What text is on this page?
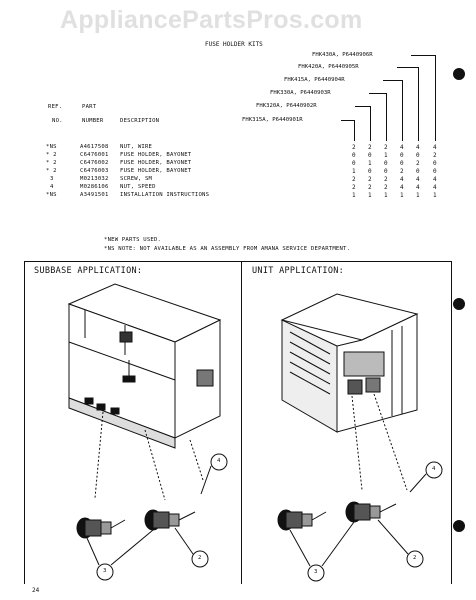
AppliancePartsPros.com
FUSE HOLDER KITS
FHK430A, P6440906R
FHK420A, P6440905R
FHK415A, P6440904R
FHK330A, P6440903R
FHK320A, P6440902R
FHK315A, P6440901R
REF.
NO.
PART
NUMBER	DESCRIPTION
*NS	A4617508 NUT, WIRE	2 2 2 4 4 4
* 2	C6476001 FUSE HOLDER, BAYONET	0 0 1 0 0 2
* 2	C6476002 FUSE HOLDER, BAYONET	0 1 0 0 2 0
* 2	C6476003 FUSE HOLDER, BAYONET	1 0 0 2 0 0
3	M0213032 SCREW, SM	2 2 2 4 4 4
4	M0286106 NUT, SPEED	2 2 2 4 4 4
*NS	A3491501 INSTALLATION INSTRUCTIONS	1 1 1 1 1 1
*NEW PARTS USED.
*NS NOTE: NOT AVAILABLE AS AN ASSEMBLY FROM AMANA SERVICE DEPARTMENT.
SUBBASE APPLICATION:	UNIT APPLICATION:
4
2
3
4
2
3
24
